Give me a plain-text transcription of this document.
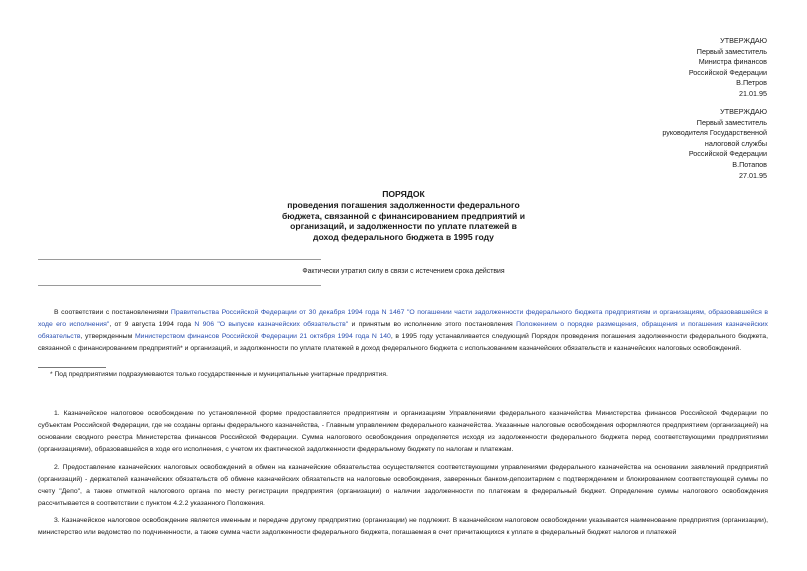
УТВЕРЖДАЮ
Первый заместитель
Министра финансов
Российской Федерации
В.Петров
21.01.95
УТВЕРЖДАЮ
Первый заместитель
руководителя Государственной
налоговой службы
Российской Федерации
В.Потапов
27.01.95
ПОРЯДОК
проведения погашения задолженности федерального
бюджета, связанной с финансированием предприятий и
организаций, и задолженности по уплате платежей в
доход федерального бюджета в 1995 году
Фактически утратил силу в связи с истечением срока действия

В соответствии с постановлениями Правительства Российской Федерации от 30 декабря 1994 года N 1467 "О погашении части задолженности федерального бюджета предприятиям и организациям, образовавшейся в ходе его исполнения", от 9 августа 1994 года N 906 "О выпуске казначейских обязательств" и принятым во исполнение этого постановления Положением о порядке размещения, обращения и погашения казначейских обязательств, утвержденным Министерством финансов Российской Федерации 21 октября 1994 года N 140, в 1995 году устанавливается следующий Порядок проведения погашения задолженности федерального бюджета, связанной с финансированием предприятий* и организаций, и задолженности по уплате платежей в доход федерального бюджета с использованием казначейских обязательств и казначейских налоговых освобождений.

* Под предприятиями подразумеваются только государственные и муниципальные унитарные предприятия.

1. Казначейское налоговое освобождение по установленной форме предоставляется предприятиям и организациям Управлениями федерального казначейства Министерства финансов Российской Федерации по субъектам Российской Федерации, где не созданы органы федерального казначейства, - Главным управлением федерального казначейства. Указанные налоговые освобождения оформляются предприятием (организацией) на основании сводного реестра Министерства финансов Российской Федерации. Сумма налогового освобождения определяется исходя из задолженности федерального бюджета перед соответствующими предприятиями (организациями), образовавшейся в ходе его исполнения, с учетом их фактической задолженности федеральному бюджету по налогам и платежам.

2. Предоставление казначейских налоговых освобождений в обмен на казначейские обязательства осуществляется соответствующими управлениями федерального казначейства на основании заявлений предприятий (организаций) - держателей казначейских обязательств об обмене казначейских обязательств на налоговые освобождения, заверенных банком-депозитарием с подтверждением и блокированием соответствующей суммы по счету "Депо", а также отметкой налогового органа по месту регистрации предприятия (организации) о наличии задолженности по платежам в федеральный бюджет. Определение суммы налогового освобождения рассчитывается в соответствии с пунктом 4.2.2 указанного Положения.

3. Казначейское налоговое освобождение является именным и передаче другому предприятию (организации) не подлежит. В казначейском налоговом освобождении указывается наименование предприятия (организации), министерство или ведомство по подчиненности, а также сумма части задолженности федерального бюджета, погашаемая в счет причитающихся к уплате в федеральный бюджет налогов и платежей
